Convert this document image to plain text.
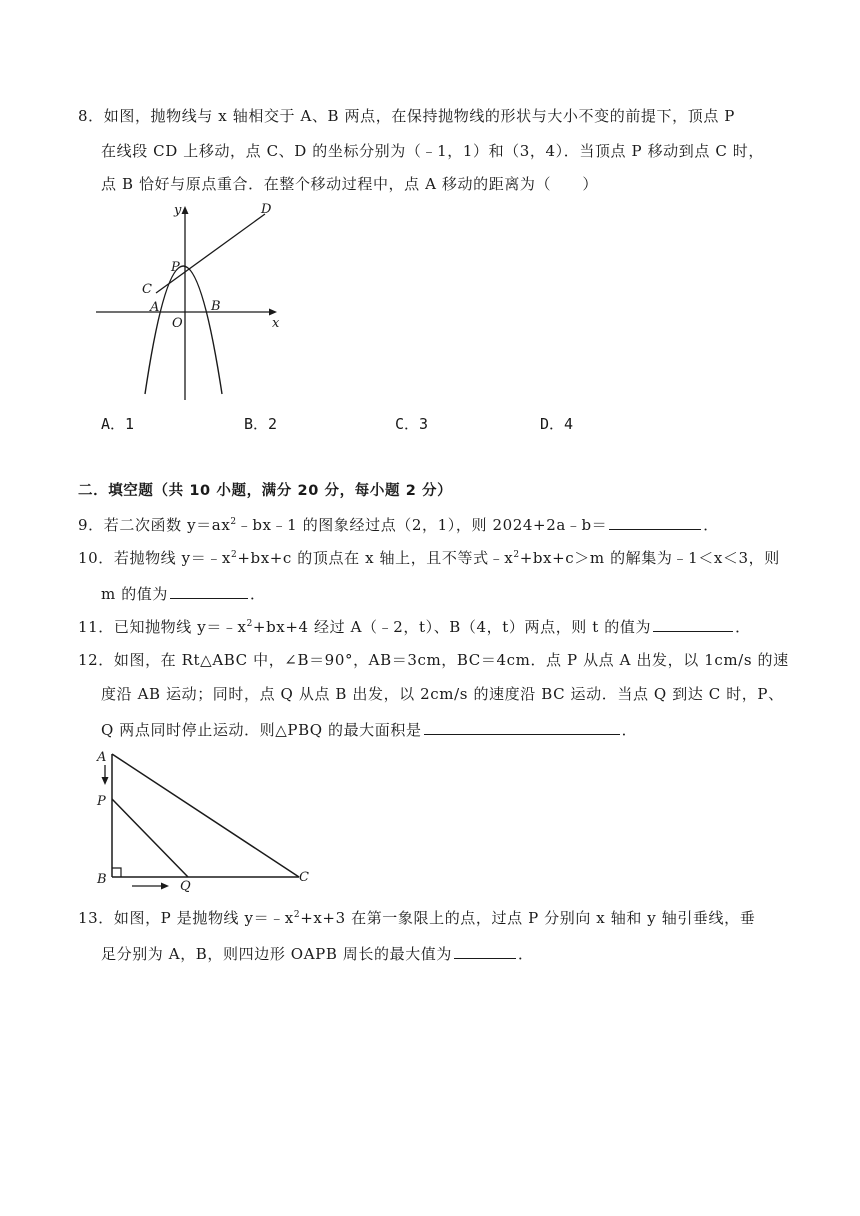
8．如图，抛物线与 x 轴相交于 A、B 两点，在保持抛物线的形状与大小不变的前提下，顶点 P
在线段 CD 上移动，点 C、D 的坐标分别为（﹣1，1）和（3，4）．当顶点 P 移动到点 C 时，
点 B 恰好与原点重合．在整个移动过程中，点 A 移动的距离为（　　）
y	D
P
C
A	B
O	x
A．1	B．2	C．3	D．4
二．填空题（共 10 小题，满分 20 分，每小题 2 分）
9．若二次函数 $y=ax^2﹣bx﹣1$ 的图象经过点（2，1），则 2024+2a﹣b＝	．
10．若抛物线 $y=﹣x^2+bx+c$ 的顶点在 x 轴上，且不等式$﹣x^2+bx+c>m$ 的解集为﹣1＜x＜3，则
m 的值为	．
11．已知抛物线 $y=﹣x^2+bx+4$ 经过 A（﹣2，t）、B（4，t）两点，则 t 的值为	．
12．如图，在 Rt△ABC 中，∠B＝90°，AB＝3cm，BC＝4cm．点 P 从点 A 出发，以 1cm/s 的速
度沿 AB 运动；同时，点 Q 从点 B 出发，以 2cm/s 的速度沿 BC 运动．当点 Q 到达 C 时，P、
Q 两点同时停止运动．则△PBQ 的最大面积是	．
A
P
B	Q
C
13．如图，P 是抛物线 $y=﹣x^2+x+3$ 在第一象限上的点，过点 P 分别向 x 轴和 y 轴引垂线，垂
足分别为 A，B，则四边形 OAPB 周长的最大值为	．
